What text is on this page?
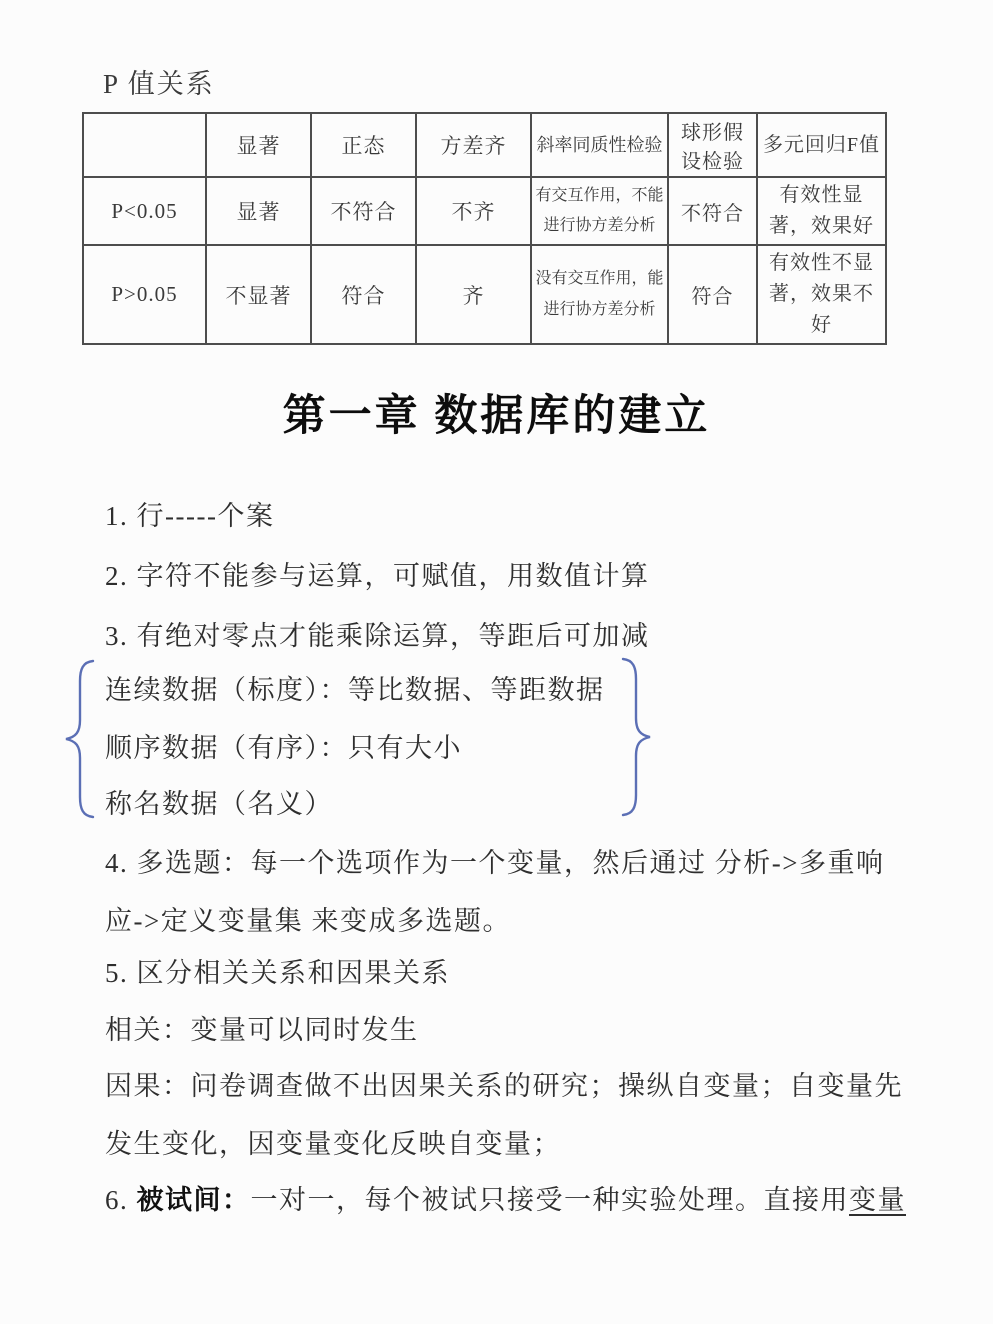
P 值关系
	显著	正态	方差齐	斜率同质性检验	球形假设检验	多元回归F值
P<0.05	显著	不符合	不齐	有交互作用，不能进行协方差分析	不符合	有效性显著，效果好
P>0.05	不显著	符合	齐	没有交互作用，能进行协方差分析	符合	有效性不显著，效果不好
第一章 数据库的建立
1. 行-----个案
2. 字符不能参与运算，可赋值，用数值计算
3. 有绝对零点才能乘除运算，等距后可加减
连续数据（标度）：等比数据、等距数据
顺序数据（有序）：只有大小
称名数据（名义）
4. 多选题：每一个选项作为一个变量，然后通过 分析->多重响
应->定义变量集 来变成多选题。
5. 区分相关关系和因果关系
相关：变量可以同时发生
因果：问卷调查做不出因果关系的研究；操纵自变量；自变量先
发生变化，因变量变化反映自变量；
6. 被试间：一对一，每个被试只接受一种实验处理。直接用变量
